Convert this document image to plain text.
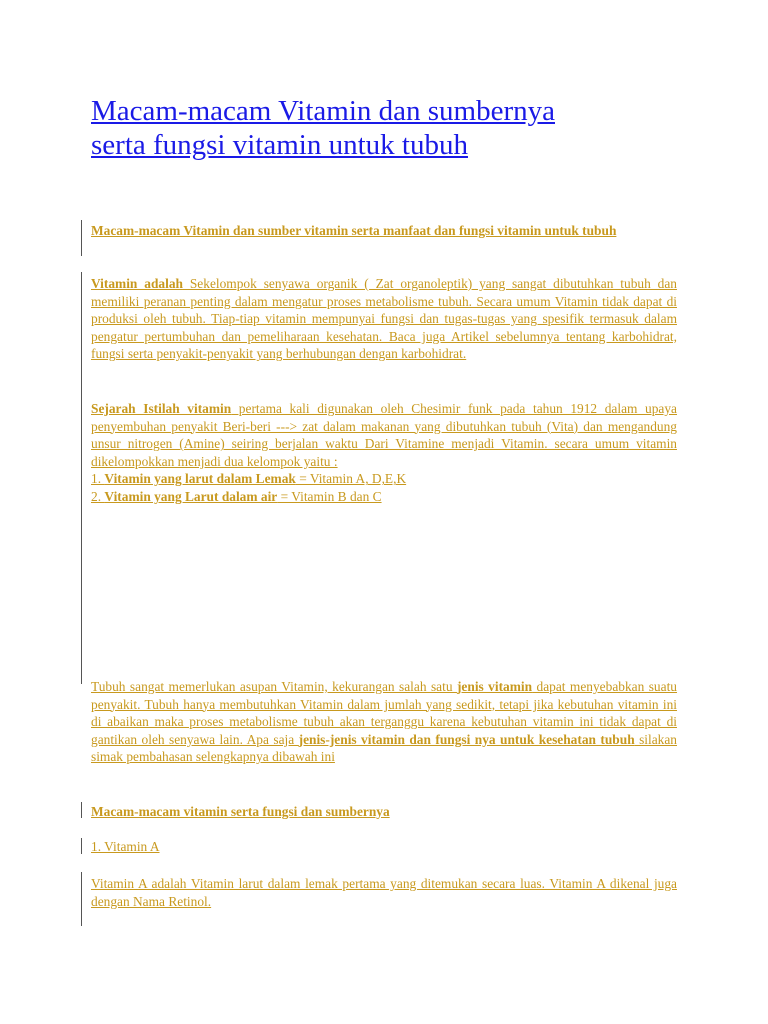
Macam-macam Vitamin dan sumbernya
serta fungsi vitamin untuk tubuh
Macam-macam Vitamin dan sumber vitamin serta manfaat dan fungsi vitamin untuk tubuh
Vitamin adalah Sekelompok senyawa organik ( Zat organoleptik) yang sangat dibutuhkan tubuh dan memiliki peranan penting dalam mengatur proses metabolisme tubuh. Secara umum Vitamin tidak dapat di produksi oleh tubuh. Tiap-tiap vitamin mempunyai fungsi dan tugas-tugas yang spesifik termasuk dalam pengatur pertumbuhan dan pemeliharaan kesehatan. Baca juga Artikel sebelumnya tentang karbohidrat, fungsi serta penyakit-penyakit yang berhubungan dengan karbohidrat.
Sejarah Istilah vitamin pertama kali digunakan oleh Chesimir funk pada tahun 1912 dalam upaya penyembuhan penyakit Beri-beri ---> zat dalam makanan yang dibutuhkan tubuh (Vita) dan mengandung unsur nitrogen (Amine) seiring berjalan waktu Dari Vitamine menjadi Vitamin. secara umum vitamin dikelompokkan menjadi dua kelompok yaitu :
1. Vitamin yang larut dalam Lemak = Vitamin A, D,E,K
2. Vitamin yang Larut dalam air = Vitamin B dan C
Tubuh sangat memerlukan asupan Vitamin, kekurangan salah satu jenis vitamin dapat menyebabkan suatu penyakit. Tubuh hanya membutuhkan Vitamin dalam jumlah yang sedikit, tetapi jika kebutuhan vitamin ini di abaikan maka proses metabolisme tubuh akan terganggu karena kebutuhan vitamin ini tidak dapat di gantikan oleh senyawa lain. Apa saja jenis-jenis vitamin dan fungsi nya untuk kesehatan tubuh silakan simak pembahasan selengkapnya dibawah ini
Macam-macam vitamin serta fungsi dan sumbernya
1. Vitamin A
Vitamin A adalah Vitamin larut dalam lemak pertama yang ditemukan secara luas. Vitamin A dikenal juga dengan Nama Retinol.
